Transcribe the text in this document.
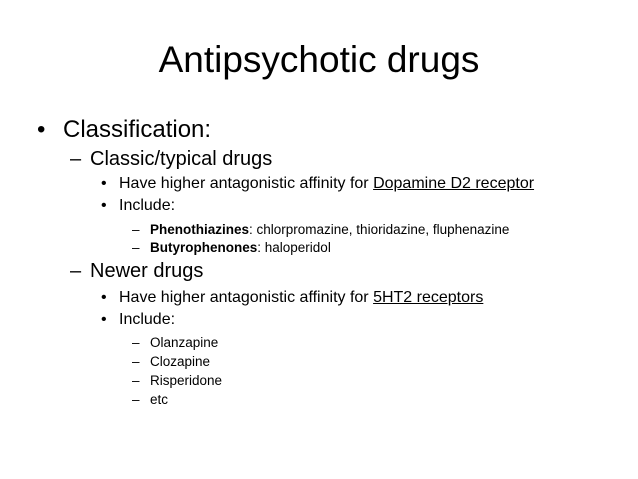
Antipsychotic drugs
• Classification:
– Classic/typical drugs
• Have higher antagonistic affinity for Dopamine D2 receptor
• Include:
– Phenothiazines: chlorpromazine, thioridazine, fluphenazine
– Butyrophenones: haloperidol
– Newer drugs
• Have higher antagonistic affinity for 5HT2 receptors
• Include:
– Olanzapine
– Clozapine
– Risperidone
– etc
